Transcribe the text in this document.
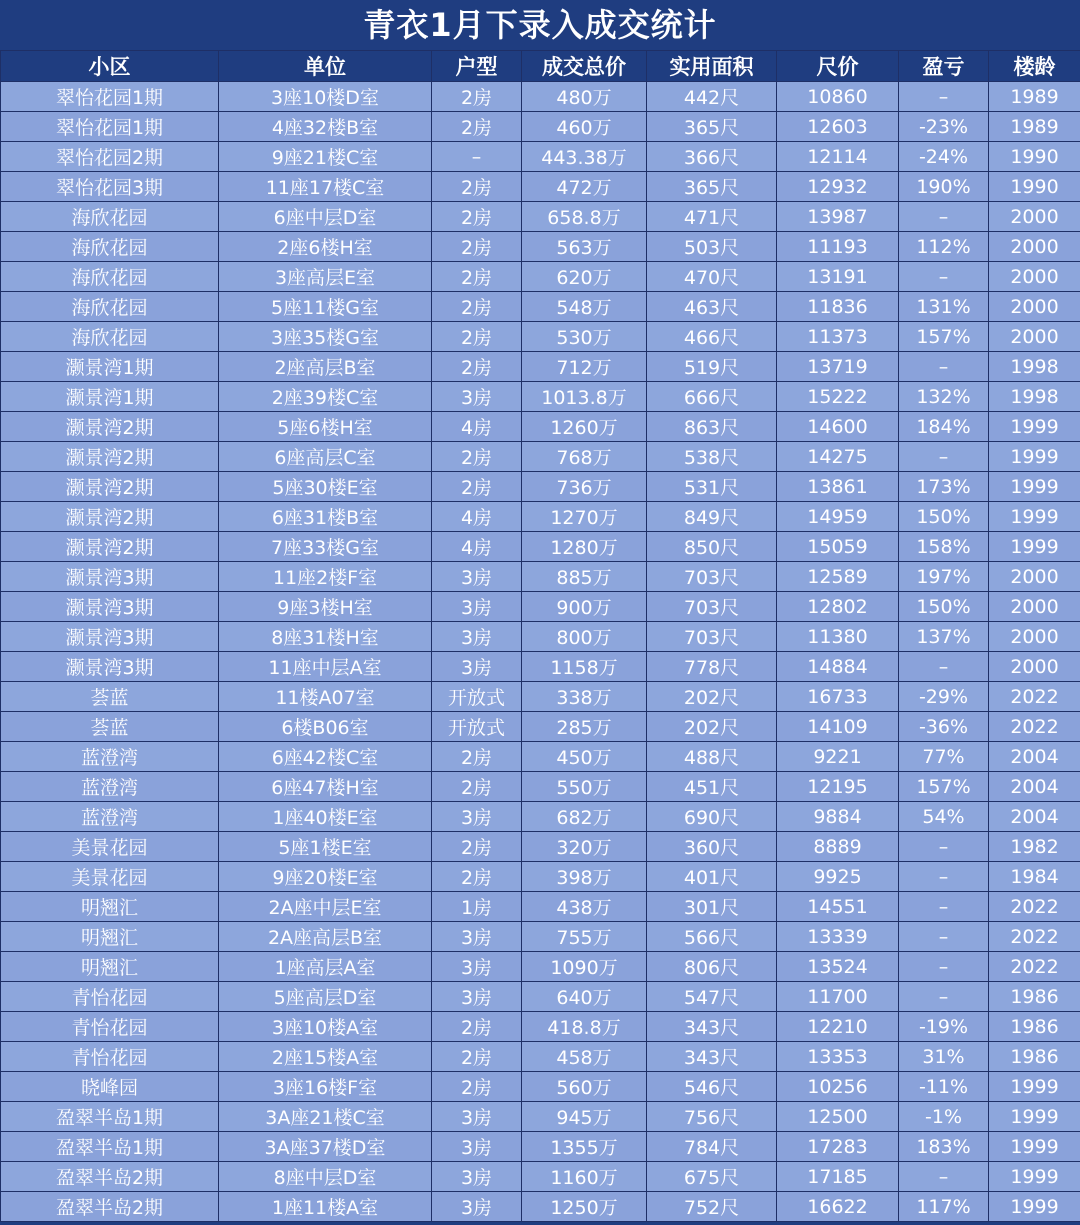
青衣1月下录入成交统计
小区	单位	户型	成交总价	实用面积	尺价	盈亏	楼龄
翠怡花园1期	3座10楼D室	2房	480万	442尺	10860	–	1989
翠怡花园1期	4座32楼B室	2房	460万	365尺	12603	-23%	1989
翠怡花园2期	9座21楼C室	–	443.38万	366尺	12114	-24%	1990
翠怡花园3期	11座17楼C室	2房	472万	365尺	12932	190%	1990
海欣花园	6座中层D室	2房	658.8万	471尺	13987	–	2000
海欣花园	2座6楼H室	2房	563万	503尺	11193	112%	2000
海欣花园	3座高层E室	2房	620万	470尺	13191	–	2000
海欣花园	5座11楼G室	2房	548万	463尺	11836	131%	2000
海欣花园	3座35楼G室	2房	530万	466尺	11373	157%	2000
灏景湾1期	2座高层B室	2房	712万	519尺	13719	–	1998
灏景湾1期	2座39楼C室	3房	1013.8万	666尺	15222	132%	1998
灏景湾2期	5座6楼H室	4房	1260万	863尺	14600	184%	1999
灏景湾2期	6座高层C室	2房	768万	538尺	14275	–	1999
灏景湾2期	5座30楼E室	2房	736万	531尺	13861	173%	1999
灏景湾2期	6座31楼B室	4房	1270万	849尺	14959	150%	1999
灏景湾2期	7座33楼G室	4房	1280万	850尺	15059	158%	1999
灏景湾3期	11座2楼F室	3房	885万	703尺	12589	197%	2000
灏景湾3期	9座3楼H室	3房	900万	703尺	12802	150%	2000
灏景湾3期	8座31楼H室	3房	800万	703尺	11380	137%	2000
灏景湾3期	11座中层A室	3房	1158万	778尺	14884	–	2000
荟蓝	11楼A07室	开放式	338万	202尺	16733	-29%	2022
荟蓝	6楼B06室	开放式	285万	202尺	14109	-36%	2022
蓝澄湾	6座42楼C室	2房	450万	488尺	9221	77%	2004
蓝澄湾	6座47楼H室	2房	550万	451尺	12195	157%	2004
蓝澄湾	1座40楼E室	3房	682万	690尺	9884	54%	2004
美景花园	5座1楼E室	2房	320万	360尺	8889	–	1982
美景花园	9座20楼E室	2房	398万	401尺	9925	–	1984
明翘汇	2A座中层E室	1房	438万	301尺	14551	–	2022
明翘汇	2A座高层B室	3房	755万	566尺	13339	–	2022
明翘汇	1座高层A室	3房	1090万	806尺	13524	–	2022
青怡花园	5座高层D室	3房	640万	547尺	11700	–	1986
青怡花园	3座10楼A室	2房	418.8万	343尺	12210	-19%	1986
青怡花园	2座15楼A室	2房	458万	343尺	13353	31%	1986
晓峰园	3座16楼F室	2房	560万	546尺	10256	-11%	1999
盈翠半岛1期	3A座21楼C室	3房	945万	756尺	12500	-1%	1999
盈翠半岛1期	3A座37楼D室	3房	1355万	784尺	17283	183%	1999
盈翠半岛2期	8座中层D室	3房	1160万	675尺	17185	–	1999
盈翠半岛2期	1座11楼A室	3房	1250万	752尺	16622	117%	1999
